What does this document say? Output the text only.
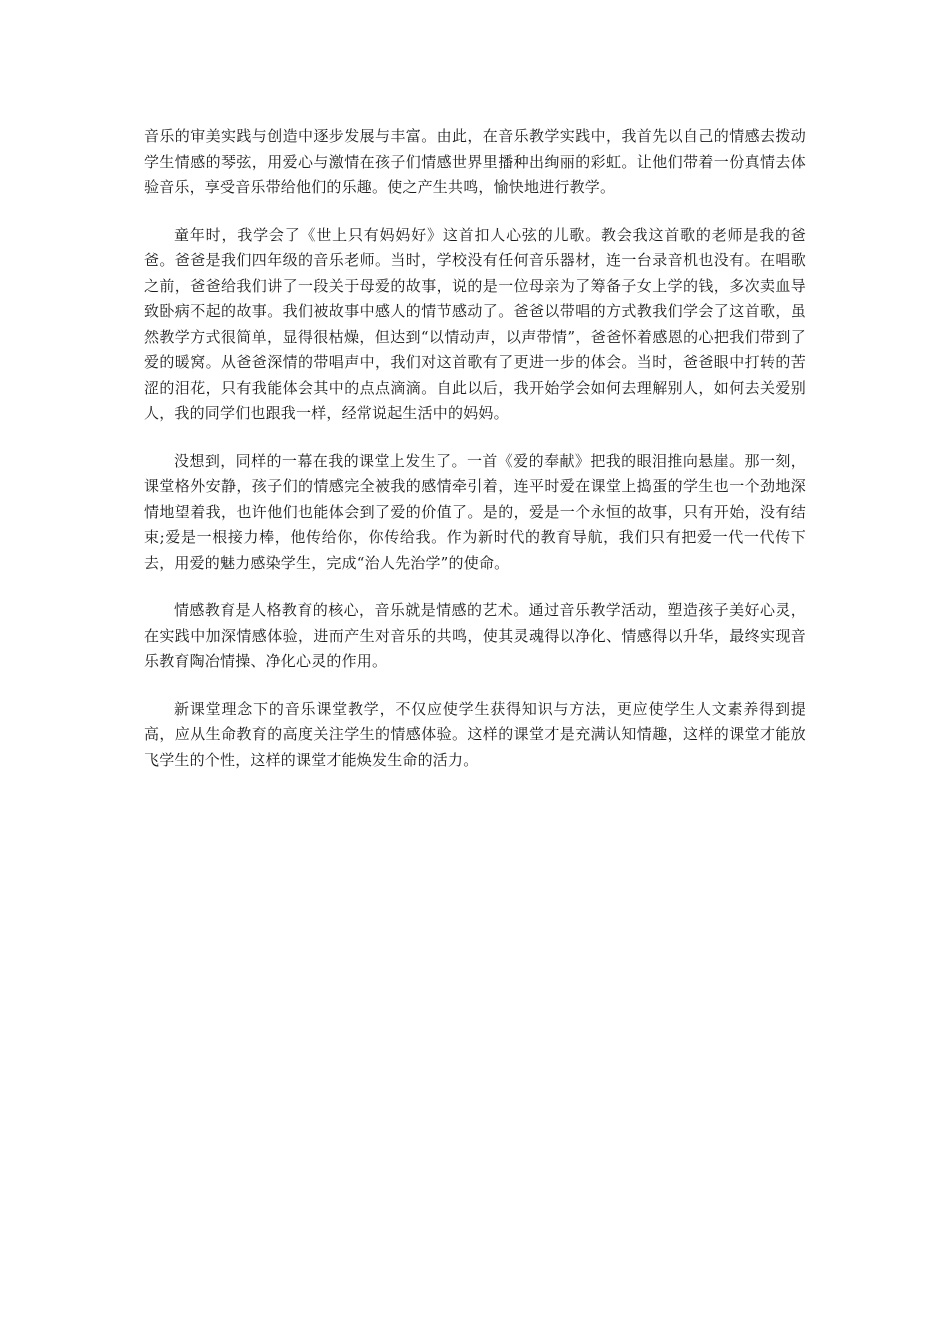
音乐的审美实践与创造中逐步发展与丰富。由此，在音乐教学实践中，我首先以自己的情感去拨动学生情感的琴弦，用爱心与激情在孩子们情感世界里播种出绚丽的彩虹。让他们带着一份真情去体验音乐，享受音乐带给他们的乐趣。使之产生共鸣，愉快地进行教学。

童年时，我学会了《世上只有妈妈好》这首扣人心弦的儿歌。教会我这首歌的老师是我的爸爸。爸爸是我们四年级的音乐老师。当时，学校没有任何音乐器材，连一台录音机也没有。在唱歌之前，爸爸给我们讲了一段关于母爱的故事，说的是一位母亲为了筹备子女上学的钱，多次卖血导致卧病不起的故事。我们被故事中感人的情节感动了。爸爸以带唱的方式教我们学会了这首歌，虽然教学方式很简单，显得很枯燥，但达到“以情动声，以声带情”，爸爸怀着感恩的心把我们带到了爱的暖窝。从爸爸深情的带唱声中，我们对这首歌有了更进一步的体会。当时，爸爸眼中打转的苦涩的泪花，只有我能体会其中的点点滴滴。自此以后，我开始学会如何去理解别人，如何去关爱别人，我的同学们也跟我一样，经常说起生活中的妈妈。

没想到，同样的一幕在我的课堂上发生了。一首《爱的奉献》把我的眼泪推向悬崖。那一刻，课堂格外安静，孩子们的情感完全被我的感情牵引着，连平时爱在课堂上捣蛋的学生也一个劲地深情地望着我，也许他们也能体会到了爱的价值了。是的，爱是一个永恒的故事，只有开始，没有结束;爱是一根接力棒，他传给你，你传给我。作为新时代的教育导航，我们只有把爱一代一代传下去，用爱的魅力感染学生，完成“治人先治学”的使命。

情感教育是人格教育的核心，音乐就是情感的艺术。通过音乐教学活动，塑造孩子美好心灵，在实践中加深情感体验，进而产生对音乐的共鸣，使其灵魂得以净化、情感得以升华，最终实现音乐教育陶冶情操、净化心灵的作用。

新课堂理念下的音乐课堂教学，不仅应使学生获得知识与方法，更应使学生人文素养得到提高，应从生命教育的高度关注学生的情感体验。这样的课堂才是充满认知情趣，这样的课堂才能放飞学生的个性，这样的课堂才能焕发生命的活力。
